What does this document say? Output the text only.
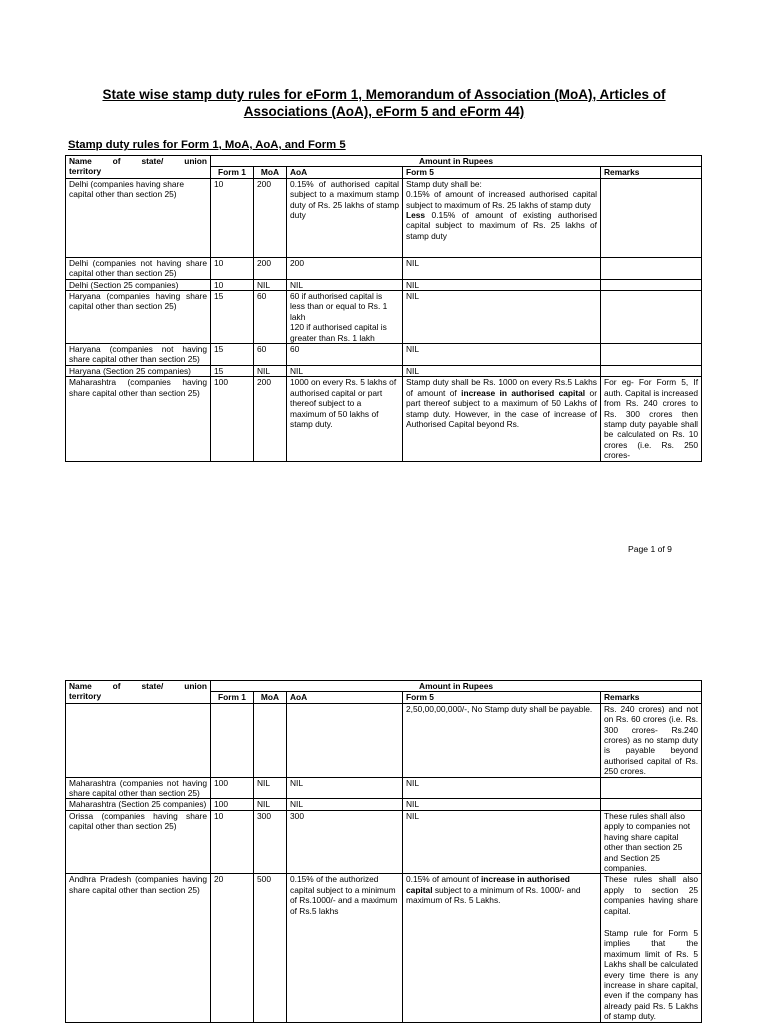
State wise stamp duty rules for eForm 1, Memorandum of Association (MoA), Articles of
Associations (AoA), eForm 5 and eForm 44)
Stamp duty rules for Form 1, MoA, AoA, and Form 5
Name of state/ union
territory	Amount in Rupees				
	Form 1	MoA	AoA	Form 5	Remarks
Delhi (companies having share capital other than section 25)	10	200	0.15% of authorised capital subject to a maximum stamp duty of Rs. 25 lakhs of stamp duty	Stamp duty shall be:
0.15% of amount of increased authorised capital subject to maximum of Rs. 25 lakhs of stamp duty
Less 0.15% of amount of existing authorised capital subject to maximum of Rs. 25 lakhs of stamp duty	

Delhi (companies not having share capital other than section 25)	10	200	200	NIL	
Delhi (Section 25 companies)	10	NIL	NIL	NIL	
Haryana (companies having share capital other than section 25)	15	60	60 if authorised capital is less than or equal to Rs. 1 lakh
120 if authorised capital is greater than Rs. 1 lakh	NIL	
Haryana (companies not having share capital other than section 25)	15	60	60	NIL	
Haryana (Section 25 companies)	15	NIL	NIL	NIL	
Maharashtra (companies having share capital other than section 25)	100	200	1000 on every Rs. 5 lakhs of authorised capital or part thereof subject to a maximum of 50 lakhs of stamp duty.	Stamp duty shall be Rs. 1000 on every Rs.5 Lakhs of amount of increase in authorised capital or part thereof subject to a maximum of 50 Lakhs of stamp duty. However, in the case of increase of Authorised Capital beyond Rs.	For eg- For Form 5, If auth. Capital is increased from Rs. 240 crores to Rs. 300 crores then stamp duty payable shall be calculated on Rs. 10 crores (i.e. Rs. 250 crores-

Page 1 of 9

Name of state/ union
territory	Amount in Rupees				
	Form 1	MoA	AoA	Form 5	Remarks
				2,50,00,00,000/-, No Stamp duty shall be payable.	Rs. 240 crores) and not on Rs. 60 crores (i.e. Rs. 300 crores- Rs.240 crores) as no stamp duty is payable beyond authorised capital of Rs. 250 crores.
Maharashtra (companies not having share capital other than section 25)	100	NIL	NIL	NIL	
Maharashtra (Section 25 companies)	100	NIL	NIL	NIL	
Orissa (companies having share capital other than section 25)	10	300	300	NIL	These rules shall also apply to companies not having share capital other than section 25 and Section 25 companies.
Andhra Pradesh (companies having share capital other than section 25)	20	500	0.15% of the authorized capital subject to a minimum of Rs.1000/- and a maximum of Rs.5 lakhs	0.15% of amount of increase in authorised capital subject to a minimum of Rs. 1000/- and maximum of Rs. 5 Lakhs.	These rules shall also apply to section 25 companies having share capital.
Stamp rule for Form 5 implies that the maximum limit of Rs. 5 Lakhs shall be calculated every time there is any increase in share capital, even if the company has already paid Rs. 5 Lakhs of stamp duty.
